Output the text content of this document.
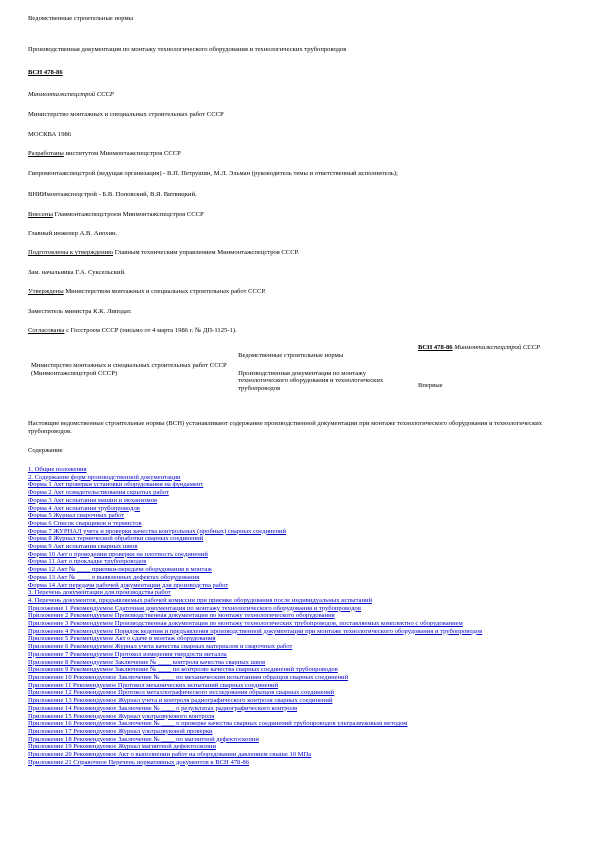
Ведомственные строительные нормы

Производственная документация по монтажу технологического оборудования и технологических трубопроводов

ВСН 478-86

Минмонтажспецстрой СССР

Министерство монтажных и специальных строительных работ СССР

МОСКВА 1986

Разработаны институтом Минмонтажспецстроя СССР

Гипромонтажспецстрой (ведущая организация) - В.П. Петрушин, М.Л. Эльман (руководитель темы и ответственный исполнитель);

ВНИИмонтажспецстрой - Б.В. Поповский, В.Я. Витвицкий.

Внесены Главмонтажспецстроем Минмонтажспецстроя СССР

Главный инженер А.В. Анохин.

Подготовлены к утверждению Главным техническим управлением Минмонтажспецстроя СССР.

Зам. начальника Г.А. Суксельский.

Утверждены Министерством монтажных и специальных строительных работ СССР.

Заместитель министра К.К. Липодат.

Согласованы с Госстроем СССР (письмо от 4 марта 1986 г. № ДП-1125-1).

Министерство монтажных и специальных строительных работ СССР (Минмонтажспецстрой СССР)	
Ведомственные строительные нормы
Производственная документация по монтажу технологического оборудования и технологических трубопроводов

ВСН 478-86 Минмонтажспецстрой СССР
Впервые

Настоящие ведомственные строительные нормы (ВСН) устанавливают содержание производственной документации при монтаже технологического оборудования и технологических трубопроводов.

Содержание

1. Общие положения
2. Содержание форм производственной документации
Форма 1 Акт проверки установки оборудования на фундамент
Форма 2 Акт освидетельствования скрытых работ
Форма 3 Акт испытания машин и механизмов
Форма 4 Акт испытания трубопроводов
Форма 5 Журнал сварочных работ
Форма 6 Список сварщиков и термистов
Форма 7 ЖУРНАЛ учета и проверки качества контрольных (пробных) сварных соединений
Форма 8 Журнал термической обработки сварных соединений
Форма 9 Акт испытания сварных швов
Форма 10 Акт о проведении проверки на плотность соединений
Форма 11 Акт о прокладке трубопроводов
Форма 12 Акт № ____ приемки-передачи оборудования в монтаж
Форма 13 Акт № ____ о выявленных дефектах оборудования
Форма 14 Акт передачи рабочей документации для производства работ
3. Перечень документации для производства работ
4. Перечень документов, предъявляемых рабочей комиссии при приемке оборудования после индивидуальных испытаний
Приложение 1 Рекомендуемое Сдаточная документация по монтажу технологического оборудования и трубопроводов
Приложение 2 Рекомендуемое Производственная документация по монтажу технологического оборудования
Приложение 3 Рекомендуемое Производственная документация по монтажу технологических трубопроводов, поставляемых комплектно с оборудованием
Приложение 4 Рекомендуемое Порядок ведения и предъявления производственной документации при монтаже технологического оборудования и трубопроводов
Приложение 5 Рекомендуемое Акт о сдаче в монтаж оборудования
Приложение 6 Рекомендуемое Журнал учета качества сварных материалов и сварочных работ
Приложение 7 Рекомендуемое Протокол измерения твердости металла
Приложение 8 Рекомендуемое Заключение № ____ контроля качества сварных швов
Приложение 9 Рекомендуемое Заключение № ____ по контролю качества сварных соединений трубопроводов
Приложение 10 Рекомендуемое Заключение № ____ по механическим испытаниям образцов сварных соединений
Приложение 11 Рекомендуемое Протокол механических испытаний сварных соединений
Приложение 12 Рекомендуемое Протокол металлографического исследования образцов сварных соединений
Приложение 13 Рекомендуемое Журнал учета и контроля радиографического контроля сварных соединений
Приложение 14 Рекомендуемое Заключение № ____ о результатах радиографического контроля
Приложение 15 Рекомендуемое Журнал ультразвукового контроля
Приложение 16 Рекомендуемое Заключение № ____ о проверке качества сварных соединений трубопроводов ультразвуковым методом
Приложение 17 Рекомендуемое Журнал ультразвуковой проверки
Приложение 18 Рекомендуемое Заключение № ____ по магнитной дефектоскопии
Приложение 19 Рекомендуемое Журнал магнитной дефектоскопии
Приложение 20 Рекомендуемое Акт о выполнении работ на оборудовании давлением свыше 10 МПа
Приложение 21 Справочное Перечень нормативных документов к ВСН 478-86
